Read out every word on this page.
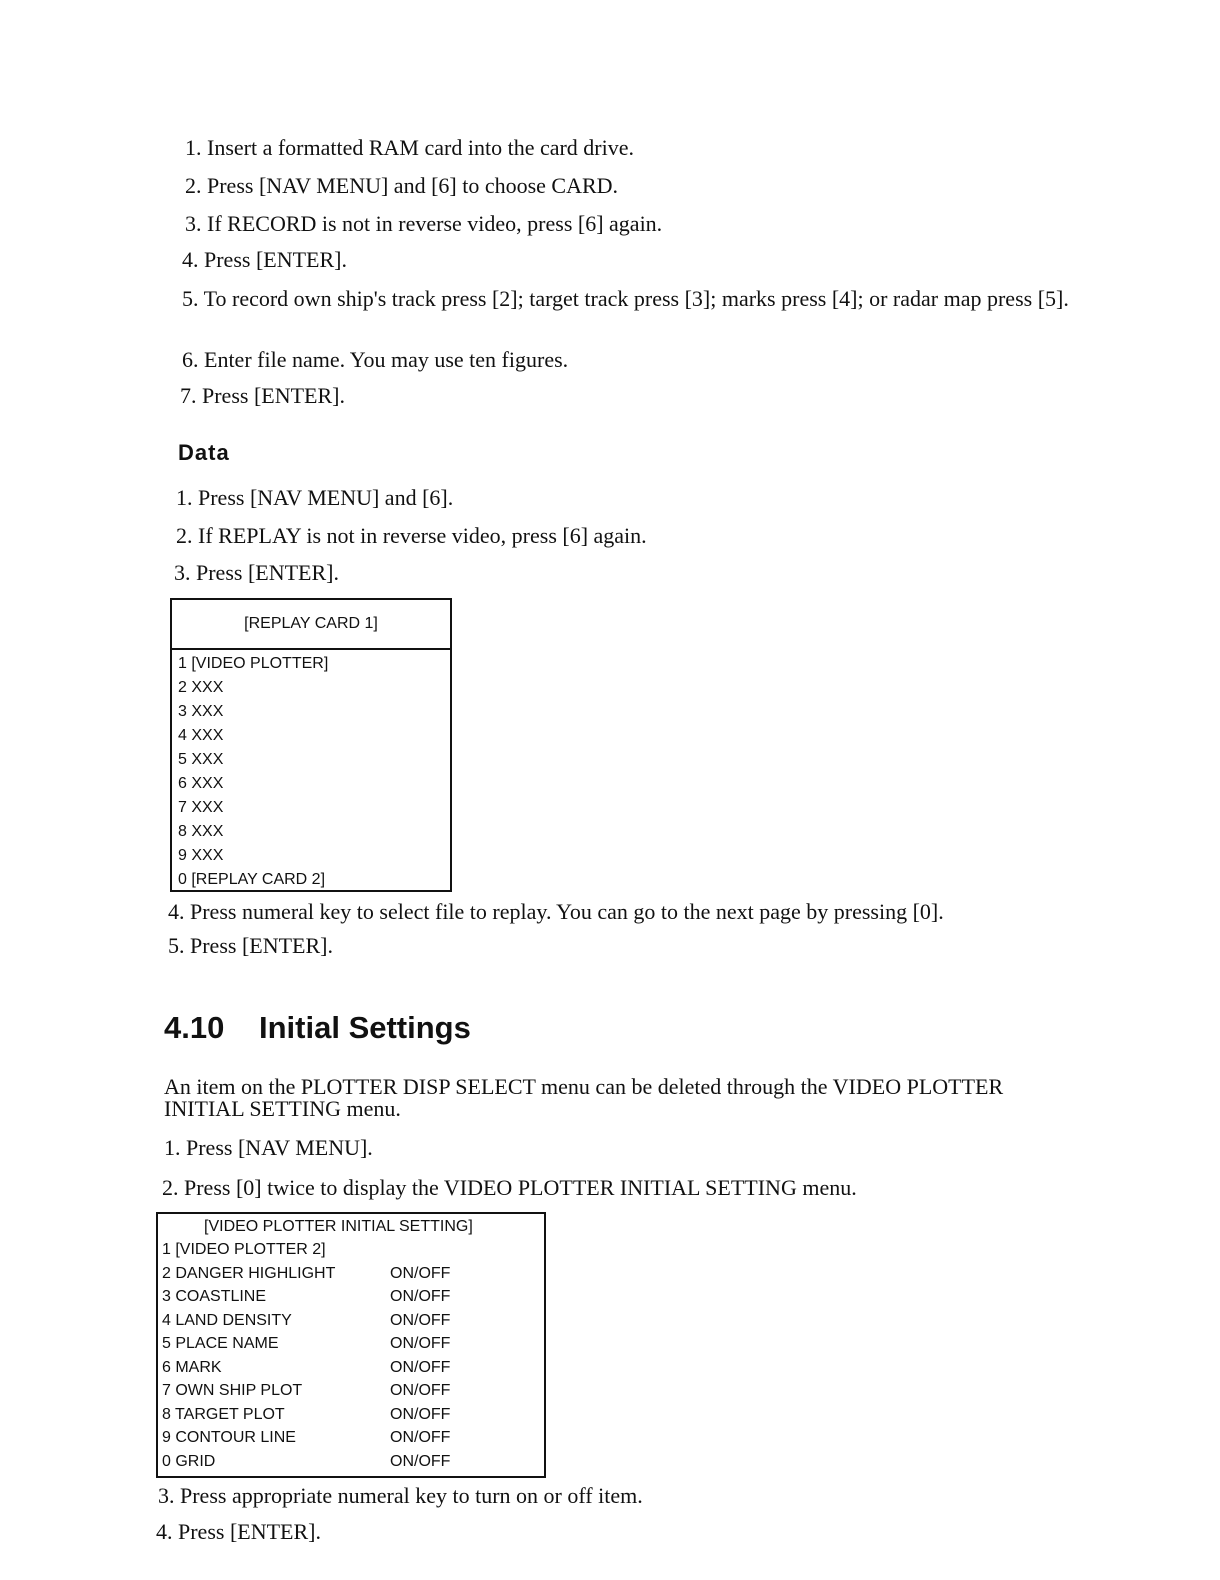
1. Insert a formatted RAM card into the card drive.
2. Press [NAV MENU] and [6] to choose CARD.
3. If RECORD is not in reverse video, press [6] again.
4. Press [ENTER].
5. To record own ship's track press [2]; target track press [3]; marks press [4]; or radar map press [5].
6. Enter file name. You may use ten figures.
7. Press [ENTER].
Data
1. Press [NAV MENU] and [6].
2. If REPLAY is not in reverse video, press [6] again.
3. Press [ENTER].
[REPLAY CARD 1]
1 [VIDEO PLOTTER]
2 XXX
3 XXX
4 XXX
5 XXX
6 XXX
7 XXX
8 XXX
9 XXX
0 [REPLAY CARD 2]
4. Press numeral key to select file to replay. You can go to the next page by pressing [0].
5. Press [ENTER].
4.10 Initial Settings
An item on the PLOTTER DISP SELECT menu can be deleted through the VIDEO PLOTTER INITIAL SETTING menu.
1. Press [NAV MENU].
2. Press [0] twice to display the VIDEO PLOTTER INITIAL SETTING menu.
[VIDEO PLOTTER INITIAL SETTING]
1 [VIDEO PLOTTER 2]
2 DANGER HIGHLIGHT	ON/OFF
3 COASTLINE	ON/OFF
4 LAND DENSITY	ON/OFF
5 PLACE NAME	ON/OFF
6 MARK	ON/OFF
7 OWN SHIP PLOT	ON/OFF
8 TARGET PLOT	ON/OFF
9 CONTOUR LINE	ON/OFF
0 GRID	ON/OFF
3. Press appropriate numeral key to turn on or off item.
4. Press [ENTER].
